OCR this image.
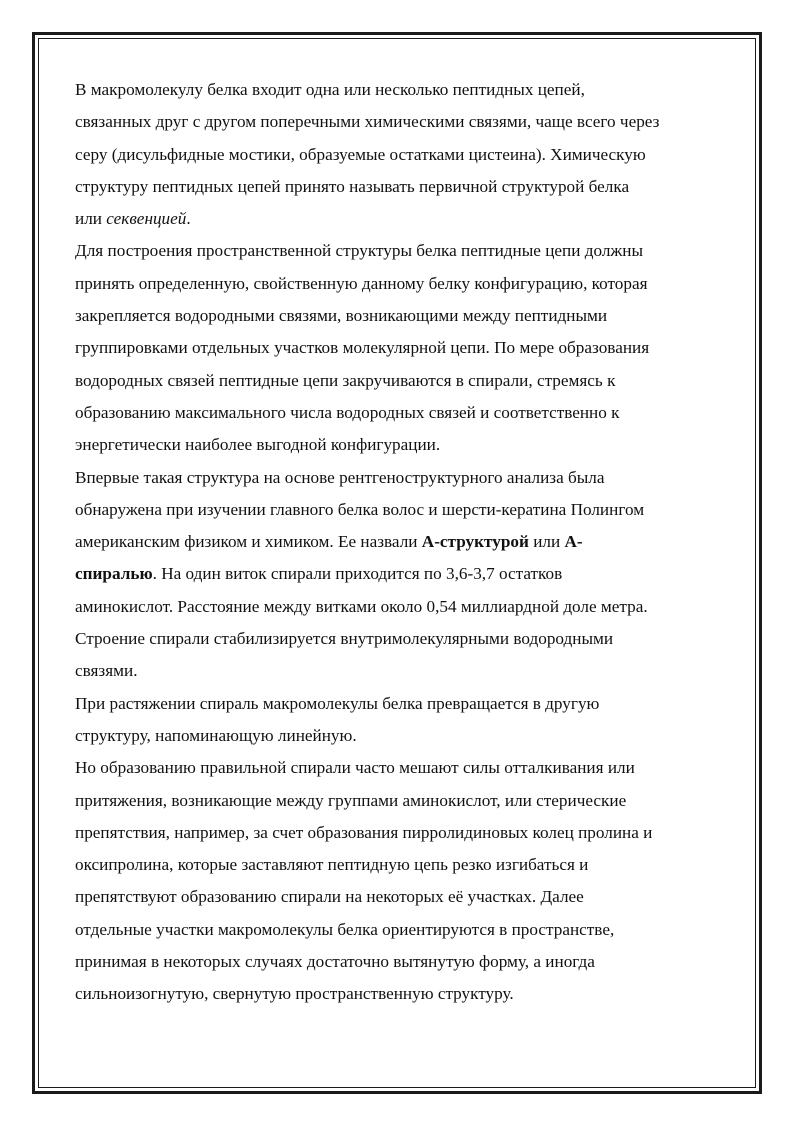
В макромолекулу белка входит одна или несколько пептидных цепей,
связанных друг с другом поперечными химическими связями, чаще всего через
серу (дисульфидные мостики, образуемые остатками цистеина). Химическую
структуру пептидных цепей принято называть первичной структурой белка
или секвенцией.

Для построения пространственной структуры белка пептидные цепи должны
принять определенную, свойственную данному белку конфигурацию, которая
закрепляется водородными связями, возникающими между пептидными
группировками отдельных участков молекулярной цепи. По мере образования
водородных связей пептидные цепи закручиваются в спирали, стремясь к
образованию максимального числа водородных связей и соответственно к
энергетически наиболее выгодной конфигурации.

Впервые такая структура на основе рентгеноструктурного анализа была
обнаружена при изучении главного белка волос и шерсти-кератина Полингом
американским физиком и химиком. Ее назвали А-структурой или А-
спиралью. На один виток спирали приходится по 3,6-3,7 остатков
аминокислот. Расстояние между витками около 0,54 миллиардной доле метра.
Строение спирали стабилизируется внутримолекулярными водородными
связями.

При растяжении спираль макромолекулы белка превращается в другую
структуру, напоминающую линейную.

Но образованию правильной спирали часто мешают силы отталкивания или
притяжения, возникающие между группами аминокислот, или стерические
препятствия, например, за счет образования пирролидиновых колец пролина и
оксипролина, которые заставляют пептидную цепь резко изгибаться и
препятствуют образованию спирали на некоторых её участках. Далее
отдельные участки макромолекулы белка ориентируются в пространстве,
принимая в некоторых случаях достаточно вытянутую форму, а иногда
сильноизогнутую, свернутую пространственную структуру.
